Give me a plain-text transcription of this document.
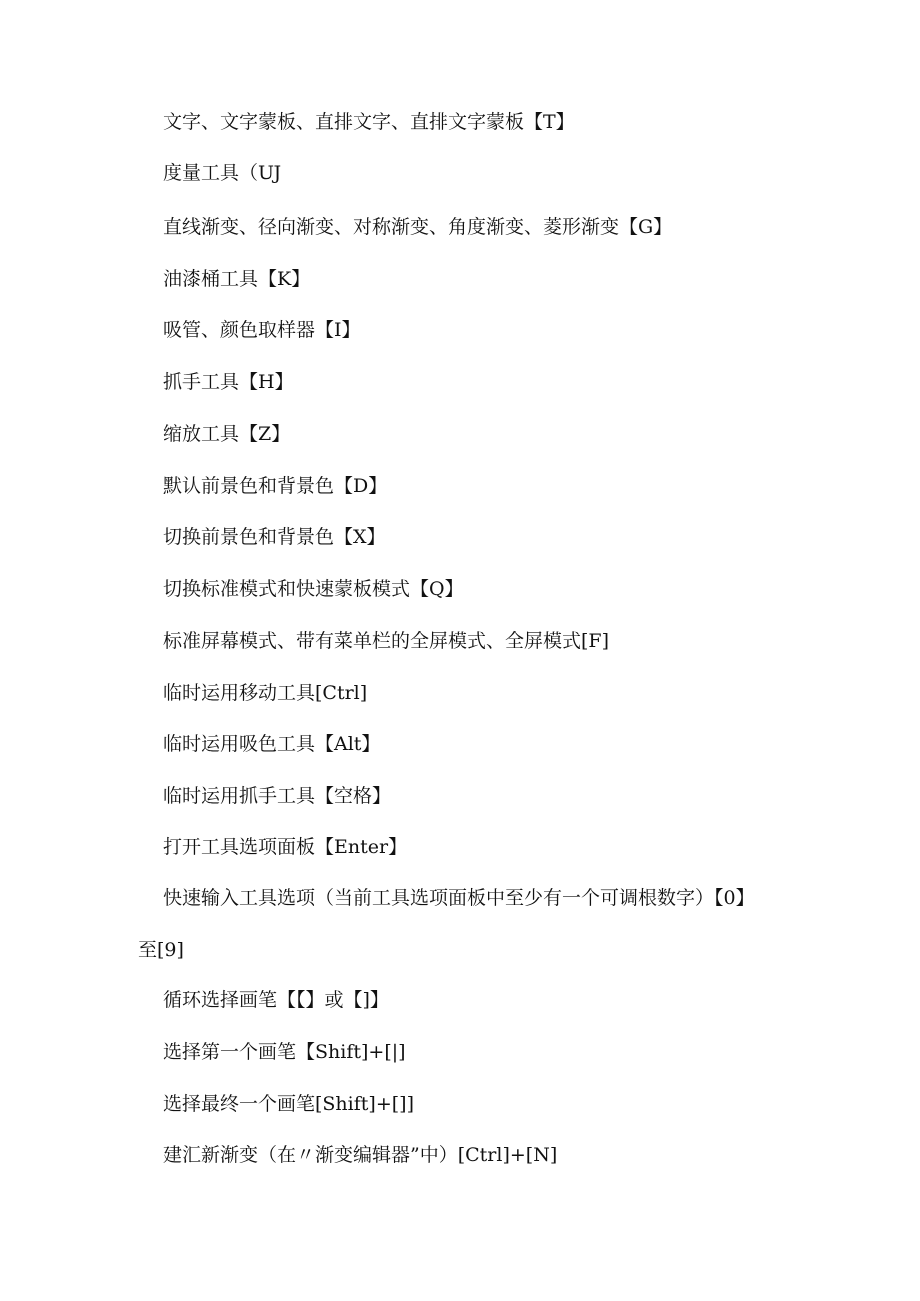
文字、文字蒙板、直排文字、直排文字蒙板【T】

度量工具（UJ

直线渐变、径向渐变、对称渐变、角度渐变、菱形渐变【G】

油漆桶工具【K】

吸管、颜色取样器【I】

抓手工具【H】

缩放工具【Z】

默认前景色和背景色【D】

切换前景色和背景色【X】

切换标准模式和快速蒙板模式【Q】

标准屏幕模式、带有菜单栏的全屏模式、全屏模式[F]

临时运用移动工具[Ctrl]

临时运用吸色工具【Alt】

临时运用抓手工具【空格】

打开工具选项面板【Enter】

快速输入工具选项（当前工具选项面板中至少有一个可调根数字）【0】

至[9]

循环选择画笔【【】或【]】

选择第一个画笔【Shift]+[|]

选择最终一个画笔[Shift]+[]]

建汇新渐变（在〃渐变编辑器”中）[Ctrl]+[N]
